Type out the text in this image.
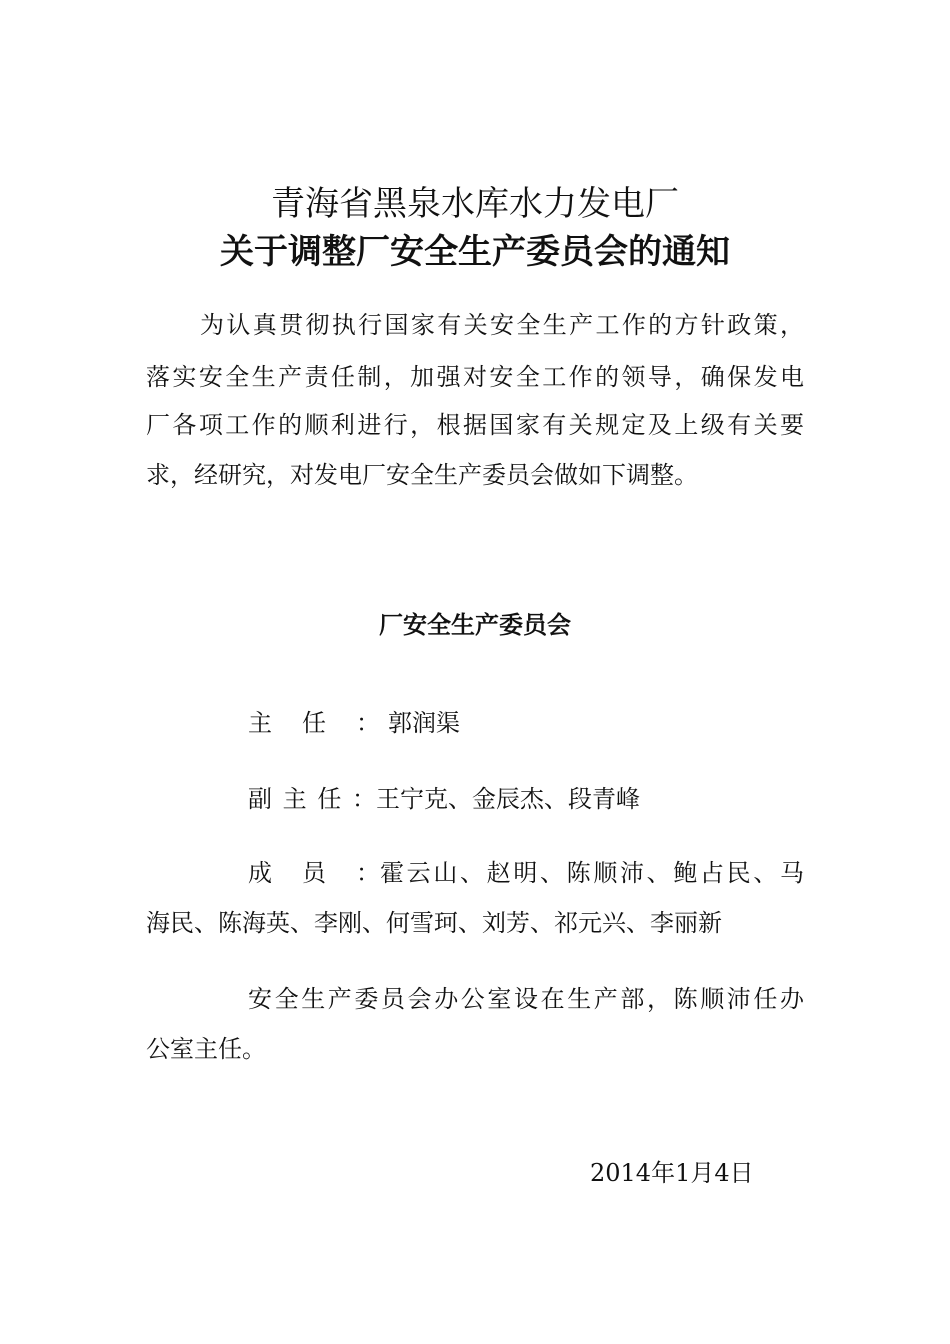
青海省黑泉水库水力发电厂
关于调整厂安全生产委员会的通知
为认真贯彻执行国家有关安全生产工作的方针政策，
落实安全生产责任制，加强对安全工作的领导，确保发电
厂各项工作的顺利进行，根据国家有关规定及上级有关要
求，经研究，对发电厂安全生产委员会做如下调整。
厂安全生产委员会
主任： 郭润渠
副主任： 王宁克、金辰杰、段青峰
成员： 霍云山、赵明、陈顺沛、鲍占民、马
海民、陈海英、李刚、何雪珂、刘芳、祁元兴、李丽新
安全生产委员会办公室设在生产部，陈顺沛任办
公室主任。
2014年1月4日
